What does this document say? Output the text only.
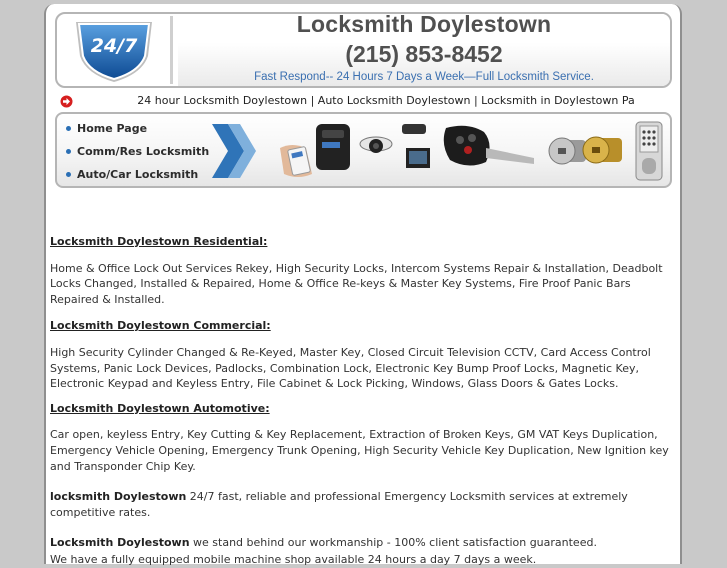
24/7
Locksmith Doylestown
(215) 853-8452
Fast Respond-- 24 Hours 7 Days a Week—Full Locksmith Service.
24 hour Locksmith Doylestown | Auto Locksmith Doylestown | Locksmith in Doylestown Pa
Home Page
Comm/Res Locksmith
Auto/Car Locksmith

Locksmith Doylestown Residential:

Home & Office Lock Out Services Rekey, High Security Locks, Intercom Systems Repair & Installation, Deadbolt Locks Changed, Installed & Repaired, Home & Office Re-keys & Master Key Systems, Fire Proof Panic Bars Repaired & Installed.

Locksmith Doylestown Commercial:

High Security Cylinder Changed & Re-Keyed, Master Key, Closed Circuit Television CCTV, Card Access Control Systems, Panic Lock Devices, Padlocks, Combination Lock, Electronic Key Bump Proof Locks, Magnetic Key, Electronic Keypad and Keyless Entry, File Cabinet & Lock Picking, Windows, Glass Doors & Gates Locks.

Locksmith Doylestown Automotive:

Car open, keyless Entry, Key Cutting & Key Replacement, Extraction of Broken Keys, GM VAT Keys Duplication, Emergency Vehicle Opening, Emergency Trunk Opening, High Security Vehicle Key Duplication, New Ignition key and Transponder Chip Key.

locksmith Doylestown 24/7 fast, reliable and professional Emergency Locksmith services at extremely competitive rates.

Locksmith Doylestown we stand behind our workmanship - 100% client satisfaction guaranteed.

We have a fully equipped mobile machine shop available 24 hours a day 7 days a week.
